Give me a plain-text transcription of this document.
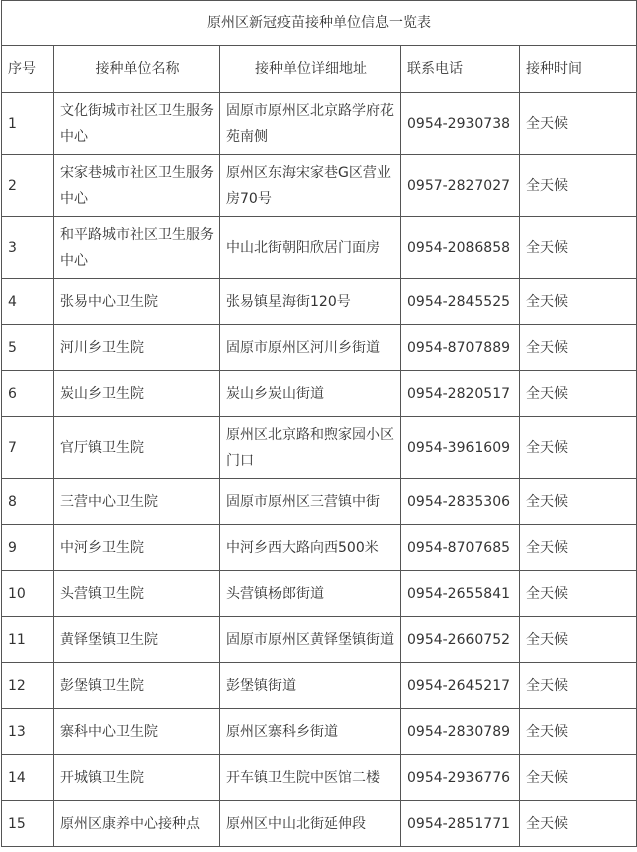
原州区新冠疫苗接种单位信息一览表				
序号	接种单位名称	接种单位详细地址	联系电话	接种时间
1	文化街城市社区卫生服务中心	固原市原州区北京路学府花苑南侧	0954-2930738	全天候
2	宋家巷城市社区卫生服务中心	原州区东海宋家巷G区营业房70号	0957-2827027	全天候
3	和平路城市社区卫生服务中心	中山北街朝阳欣居门面房	0954-2086858	全天候
4	张易中心卫生院	张易镇星海街120号	0954-2845525	全天候
5	河川乡卫生院	固原市原州区河川乡街道	0954-8707889	全天候
6	炭山乡卫生院	炭山乡炭山街道	0954-2820517	全天候
7	官厅镇卫生院	原州区北京路和煦家园小区门口	0954-3961609	全天候
8	三营中心卫生院	固原市原州区三营镇中街	0954-2835306	全天候
9	中河乡卫生院	中河乡西大路向西500米	0954-8707685	全天候
10	头营镇卫生院	头营镇杨郎街道	0954-2655841	全天候
11	黄铎堡镇卫生院	固原市原州区黄铎堡镇街道	0954-2660752	全天候
12	彭堡镇卫生院	彭堡镇街道	0954-2645217	全天候
13	寨科中心卫生院	原州区寨科乡街道	0954-2830789	全天候
14	开城镇卫生院	开车镇卫生院中医馆二楼	0954-2936776	全天候
15	原州区康养中心接种点	原州区中山北街延伸段	0954-2851771	全天候
